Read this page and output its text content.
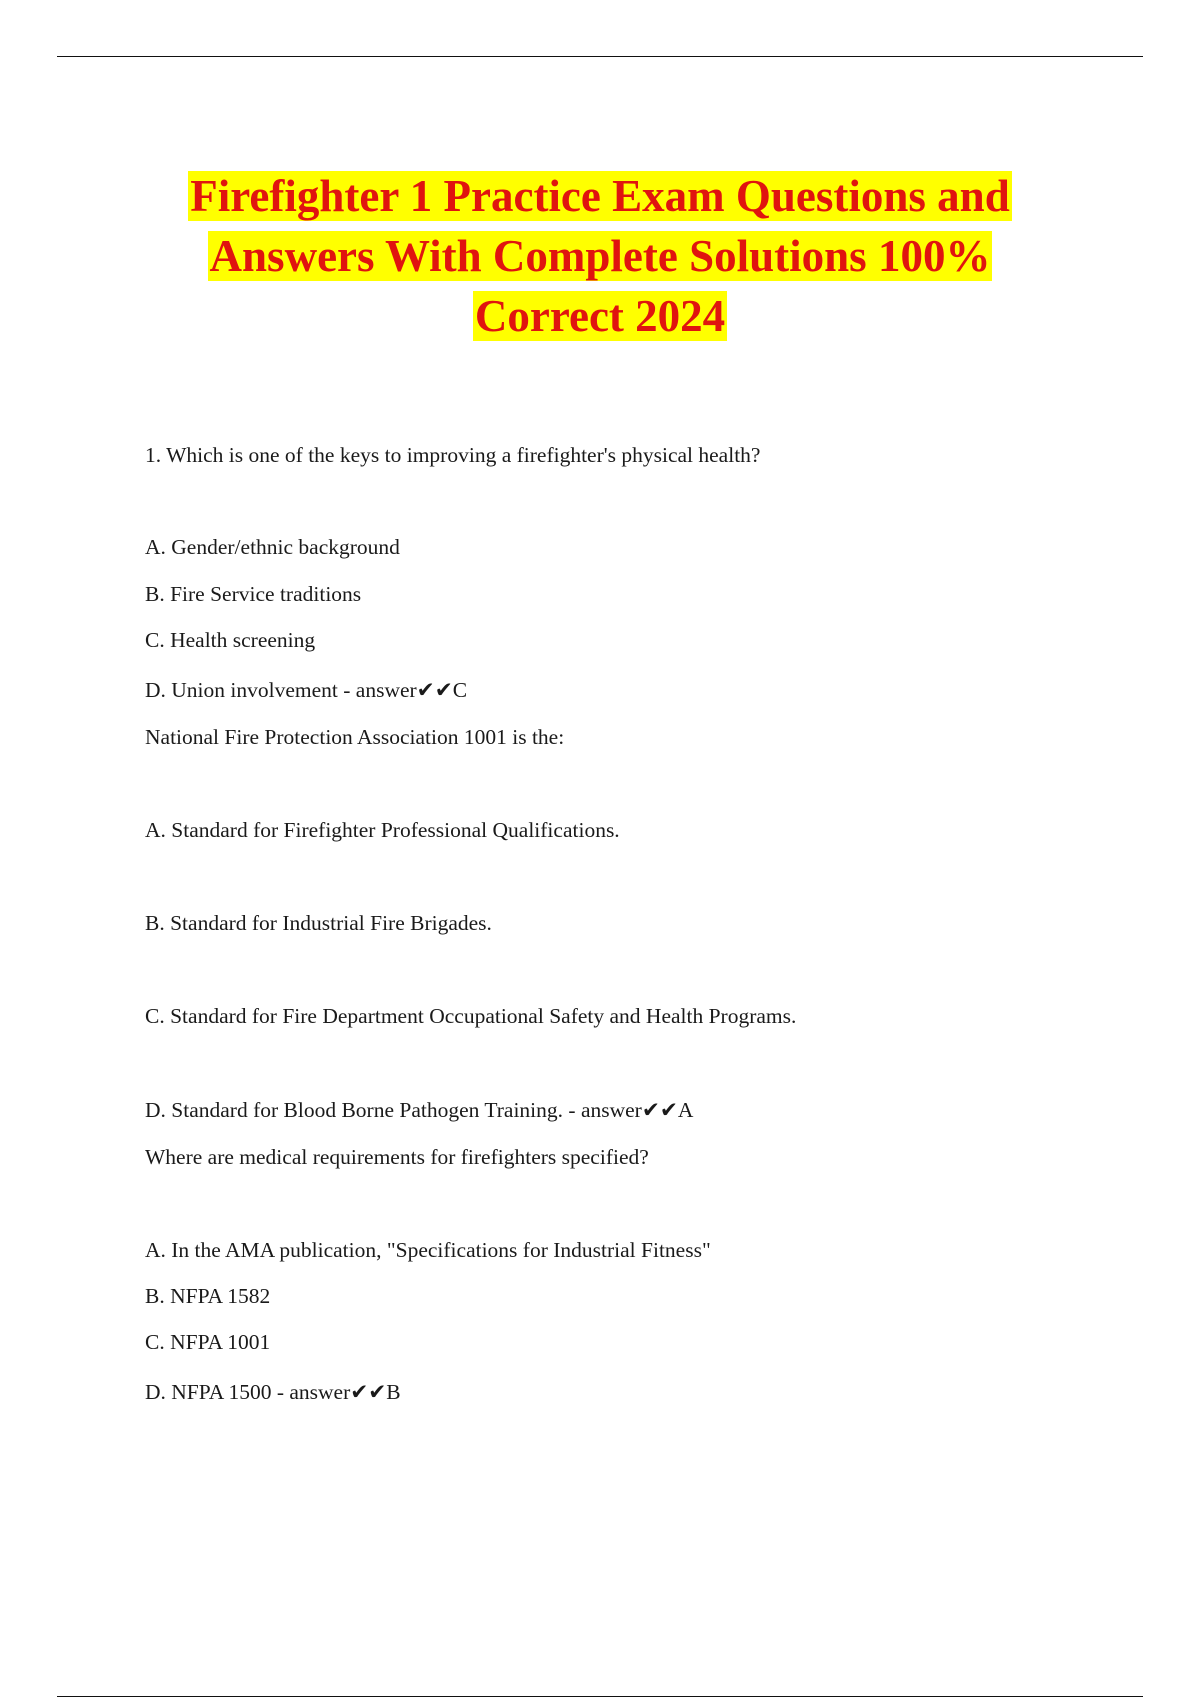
Firefighter 1 Practice Exam Questions and
Answers With Complete Solutions 100%
Correct 2024
1. Which is one of the keys to improving a firefighter's physical health?
A. Gender/ethnic background
B. Fire Service traditions
C. Health screening
D. Union involvement - answer✔✔C
National Fire Protection Association 1001 is the:
A. Standard for Firefighter Professional Qualifications.
B. Standard for Industrial Fire Brigades.
C. Standard for Fire Department Occupational Safety and Health Programs.
D. Standard for Blood Borne Pathogen Training. - answer✔✔A
Where are medical requirements for firefighters specified?
A. In the AMA publication, "Specifications for Industrial Fitness"
B. NFPA 1582
C. NFPA 1001
D. NFPA 1500 - answer✔✔B
